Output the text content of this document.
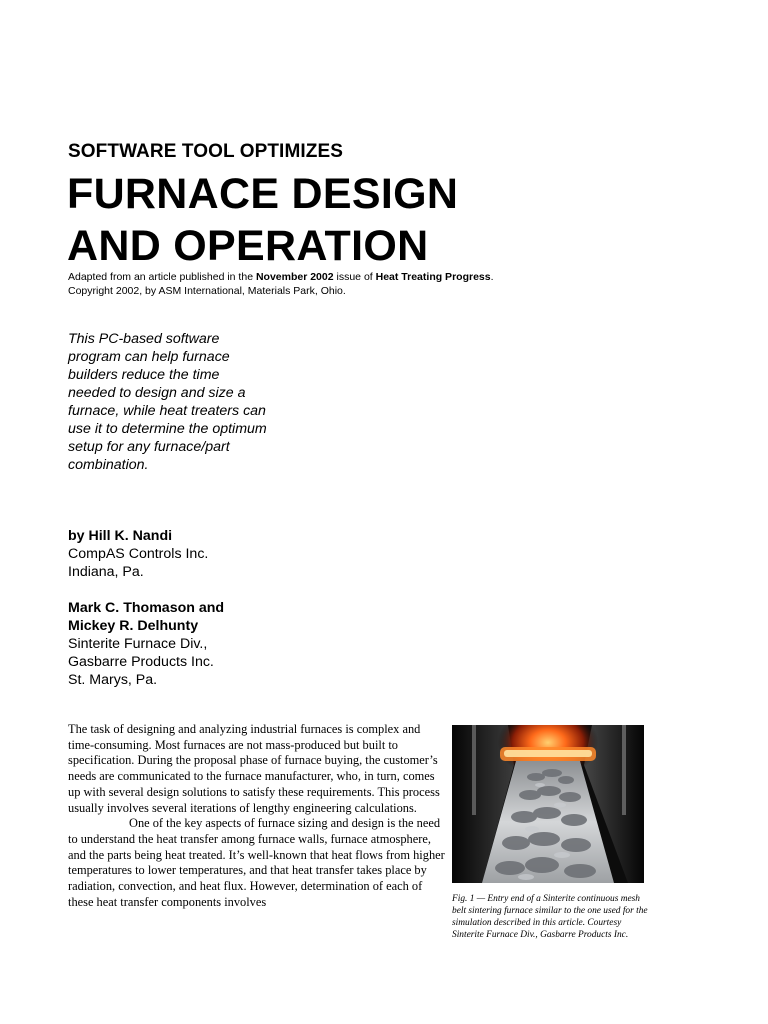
SOFTWARE TOOL OPTIMIZES
FURNACE DESIGN
AND OPERATION
Adapted from an article published in the November 2002 issue of Heat Treating Progress.
Copyright 2002, by ASM International, Materials Park, Ohio.
This PC-based software program can help furnace builders reduce the time needed to design and size a furnace, while heat treaters can use it to determine the optimum setup for any furnace/part combination.
by Hill K. Nandi
CompAS Controls Inc.
Indiana, Pa.
Mark C. Thomason and
Mickey R. Delhunty
Sinterite Furnace Div.,
Gasbarre Products Inc.
St. Marys, Pa.

The task of designing and analyzing industrial furnaces is complex and time-consuming. Most furnaces are not mass-produced but built to specification. During the proposal phase of furnace buying, the customer’s needs are communicated to the furnace manufacturer, who, in turn, comes up with several design solutions to satisfy these requirements. This process usually involves several iterations of lengthy engineering calculations.

One of the key aspects of furnace sizing and design is the need to understand the heat transfer among furnace walls, furnace atmosphere, and the parts being heat treated. It’s well-known that heat flows from higher temperatures to lower temperatures, and that heat transfer takes place by radiation, convection, and heat flux. However, determination of each of these heat transfer components involves	Fig. 1 — Entry end of a Sinterite continuous mesh belt sintering furnace similar to the one used for the simulation described in this article. Courtesy Sinterite Furnace Div., Gasbarre Products Inc.
